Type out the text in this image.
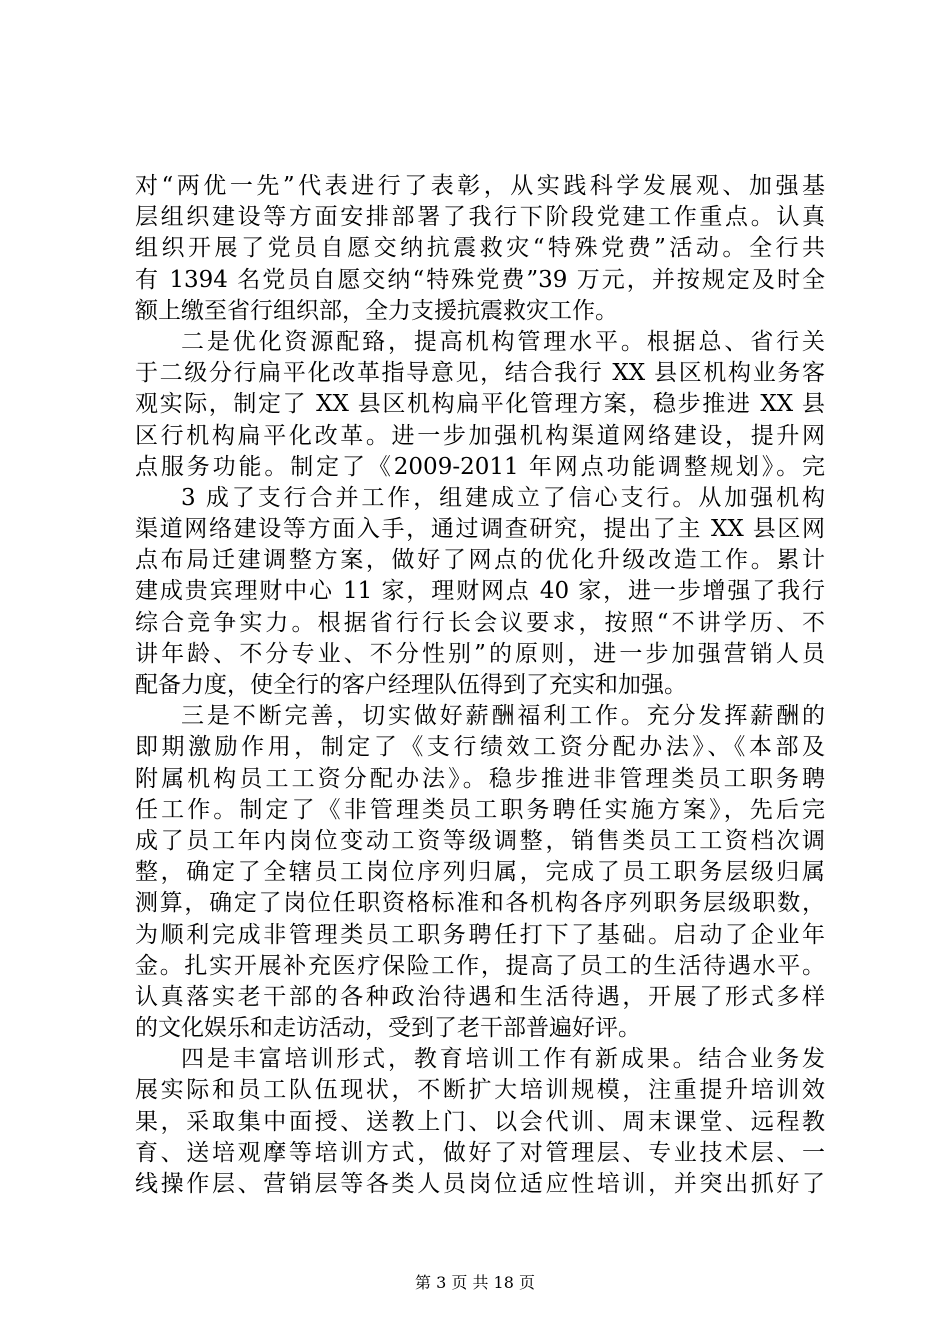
对“两优一先”代表进行了表彰，从实践科学发展观、加强基
层组织建设等方面安排部署了我行下阶段党建工作重点。认真
组织开展了党员自愿交纳抗震救灾“特殊党费”活动。全行共
有 1394 名党员自愿交纳“特殊党费”39 万元，并按规定及时全
额上缴至省行组织部，全力支援抗震救灾工作。
二是优化资源配臵，提高机构管理水平。根据总、省行关
于二级分行扁平化改革指导意见，结合我行 XX 县区机构业务客
观实际，制定了 XX 县区机构扁平化管理方案，稳步推进 XX 县
区行机构扁平化改革。进一步加强机构渠道网络建设，提升网
点服务功能。制定了《2009-2011 年网点功能调整规划》。完
3 成了支行合并工作，组建成立了信心支行。从加强机构
渠道网络建设等方面入手，通过调查研究，提出了主 XX 县区网
点布局迁建调整方案，做好了网点的优化升级改造工作。累计
建成贵宾理财中心 11 家，理财网点 40 家，进一步增强了我行
综合竞争实力。根据省行行长会议要求，按照“不讲学历、不
讲年龄、不分专业、不分性别”的原则，进一步加强营销人员
配备力度，使全行的客户经理队伍得到了充实和加强。
三是不断完善，切实做好薪酬福利工作。充分发挥薪酬的
即期激励作用，制定了《支行绩效工资分配办法》、《本部及
附属机构员工工资分配办法》。稳步推进非管理类员工职务聘
任工作。制定了《非管理类员工职务聘任实施方案》，先后完
成了员工年内岗位变动工资等级调整，销售类员工工资档次调
整，确定了全辖员工岗位序列归属，完成了员工职务层级归属
测算，确定了岗位任职资格标准和各机构各序列职务层级职数，
为顺利完成非管理类员工职务聘任打下了基础。启动了企业年
金。扎实开展补充医疗保险工作，提高了员工的生活待遇水平。
认真落实老干部的各种政治待遇和生活待遇，开展了形式多样
的文化娱乐和走访活动，受到了老干部普遍好评。
四是丰富培训形式，教育培训工作有新成果。结合业务发
展实际和员工队伍现状，不断扩大培训规模，注重提升培训效
果，采取集中面授、送教上门、以会代训、周末课堂、远程教
育、送培观摩等培训方式，做好了对管理层、专业技术层、一
线操作层、营销层等各类人员岗位适应性培训，并突出抓好了
第 3 页 共 18 页
